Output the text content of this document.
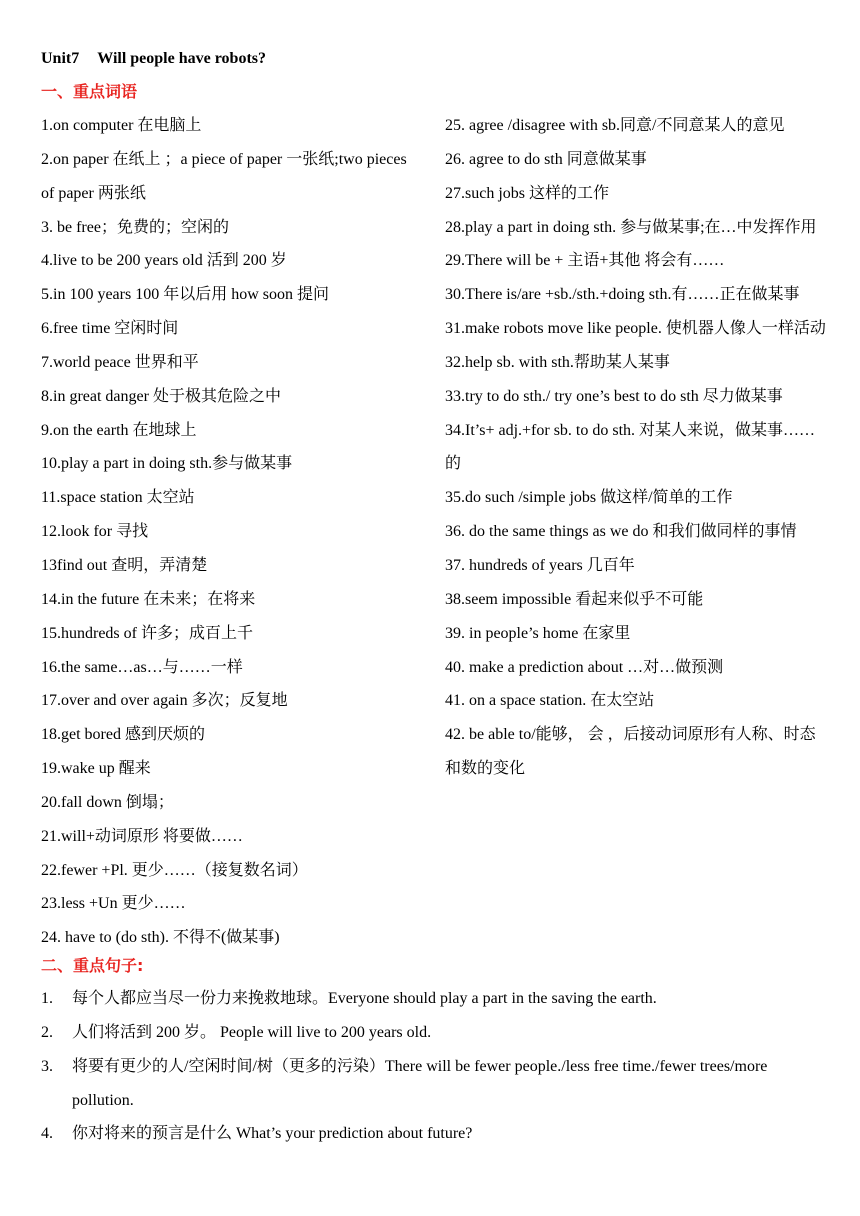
Unit7 Will people have robots?
一、重点词语
1.on computer 在电脑上
2.on paper 在纸上 ；a piece of paper 一张纸;two pieces of paper 两张纸
3. be free；免费的；空闲的
4.live to be 200 years old 活到 200 岁
5.in 100 years 100 年以后用 how soon 提问
6.free time 空闲时间
7.world peace 世界和平
8.in great danger 处于极其危险之中
9.on the earth 在地球上
10.play a part in doing sth.参与做某事
11.space station 太空站
12.look for 寻找
13find out 查明，弄清楚
14.in the future 在未来；在将来
15.hundreds of 许多；成百上千
16.the same…as…与……一样
17.over and over again 多次；反复地
18.get bored 感到厌烦的
19.wake up 醒来
20.fall down 倒塌；
21.will+动词原形 将要做……
22.fewer +Pl. 更少……（接复数名词）
23.less +Un 更少……
24. have to (do sth). 不得不(做某事)
25. agree /disagree with sb.同意/不同意某人的意见
26. agree to do sth 同意做某事
27.such jobs 这样的工作
28.play a part in doing sth. 参与做某事;在…中发挥作用
29.There will be + 主语+其他 将会有……
30.There is/are +sb./sth.+doing sth.有……正在做某事
31.make robots move like people. 使机器人像人一样活动
32.help sb. with sth.帮助某人某事
33.try to do sth./ try one’s best to do sth 尽力做某事
34.It’s+ adj.+for sb. to do sth. 对某人来说，做某事……的
35.do such /simple jobs 做这样/简单的工作
36. do the same things as we do 和我们做同样的事情
37. hundreds of years 几百年
38.seem impossible 看起来似乎不可能
39. in people’s home 在家里
40. make a prediction about …对…做预测
41. on a space station. 在太空站
42. be able to/能够， 会 ，后接动词原形有人称、时态和数的变化
二、重点句子:
1.	每个人都应当尽一份力来挽救地球。Everyone should play a part in the saving the earth.
2.	人们将活到 200 岁。 People will live to 200 years old.
3.	将要有更少的人/空闲时间/树（更多的污染）There will be fewer people./less free time./fewer trees/more pollution.
4.	你对将来的预言是什么 What’s your prediction about future?
